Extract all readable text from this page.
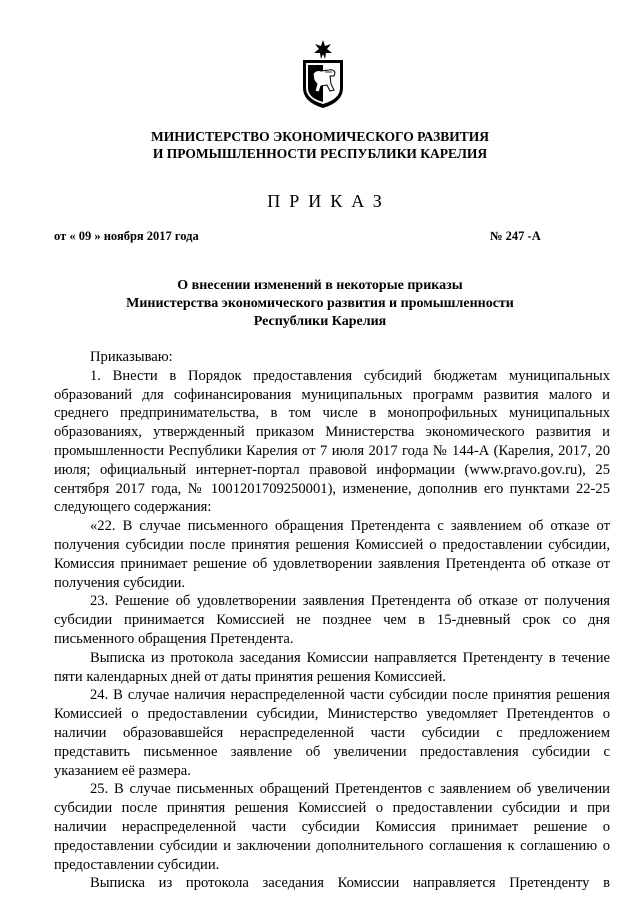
МИНИСТЕРСТВО ЭКОНОМИЧЕСКОГО РАЗВИТИЯ
И ПРОМЫШЛЕННОСТИ РЕСПУБЛИКИ КАРЕЛИЯ
ПРИКАЗ
от « 09 » ноября 2017 года	№ 247 -А
О внесении изменений в некоторые приказы
Министерства экономического развития и промышленности
Республики Карелия

Приказываю:

1. Внести в Порядок предоставления субсидий бюджетам муниципальных образований для софинансирования муниципальных программ развития малого и среднего предпринимательства, в том числе в монопрофильных муниципальных образованиях, утвержденный приказом Министерства экономического развития и промышленности Республики Карелия от 7 июля 2017 года № 144-А (Карелия, 2017, 20 июля; официальный интернет-портал правовой информации (www.pravo.gov.ru), 25 сентября 2017 года, № 1001201709250001), изменение, дополнив его пунктами 22-25 следующего содержания:

«22. В случае письменного обращения Претендента с заявлением об отказе от получения субсидии после принятия решения Комиссией о предоставлении субсидии, Комиссия принимает решение об удовлетворении заявления Претендента об отказе от получения субсидии.

23. Решение об удовлетворении заявления Претендента об отказе от получения субсидии принимается Комиссией не позднее чем в 15-дневный срок со дня письменного обращения Претендента.

Выписка из протокола заседания Комиссии направляется Претенденту в течение пяти календарных дней от даты принятия решения Комиссией.

24. В случае наличия нераспределенной части субсидии после принятия решения Комиссией о предоставлении субсидии, Министерство уведомляет Претендентов о наличии образовавшейся нераспределенной части субсидии с предложением представить письменное заявление об увеличении предоставления субсидии с указанием её размера.

25. В случае письменных обращений Претендентов с заявлением об увеличении субсидии после принятия решения Комиссией о предоставлении субсидии и при наличии нераспределенной части субсидии Комиссия принимает решение о предоставлении субсидии и заключении дополнительного соглашения к соглашению о предоставлении субсидии.

Выписка из протокола заседания Комиссии направляется Претенденту в
